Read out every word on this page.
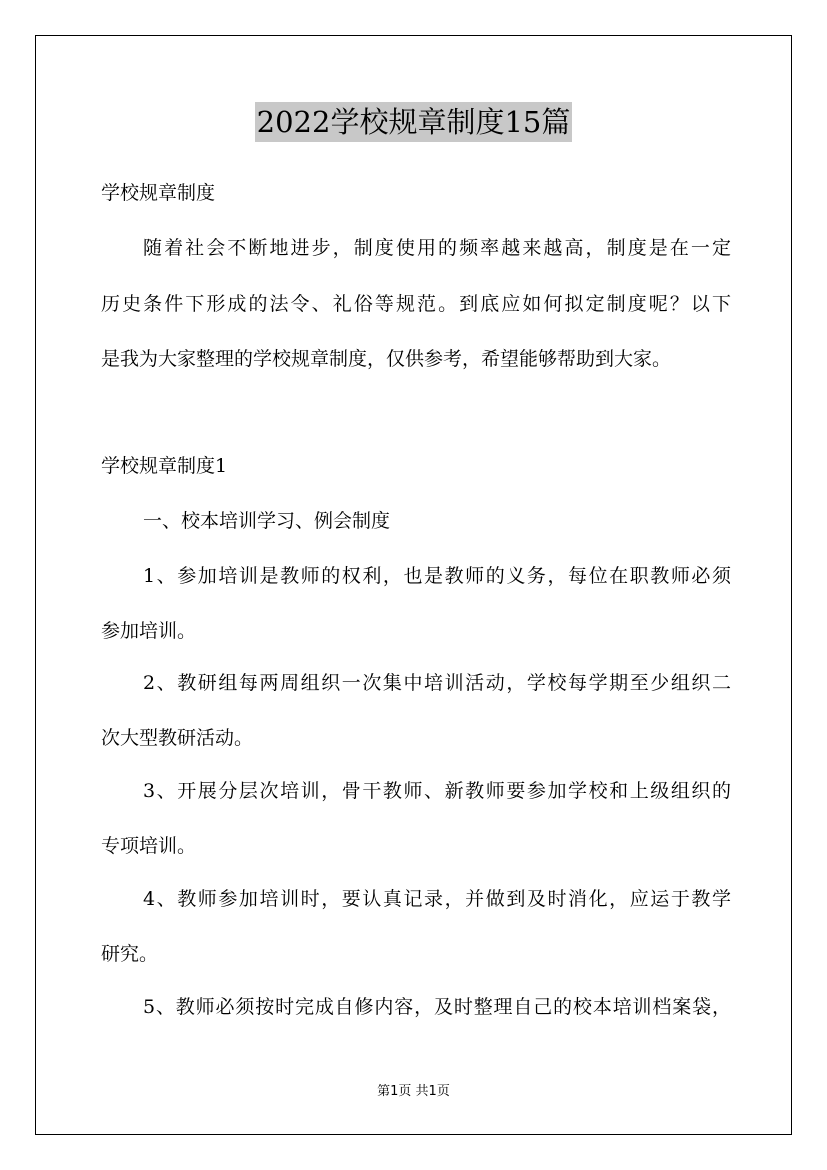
2022学校规章制度15篇
学校规章制度
随着社会不断地进步，制度使用的频率越来越高，制度是在一定
历史条件下形成的法令、礼俗等规范。到底应如何拟定制度呢？以下
是我为大家整理的学校规章制度，仅供参考，希望能够帮助到大家。
学校规章制度1
一、校本培训学习、例会制度
1、参加培训是教师的权利，也是教师的义务，每位在职教师必须
参加培训。
2、教研组每两周组织一次集中培训活动，学校每学期至少组织二
次大型教研活动。
3、开展分层次培训，骨干教师、新教师要参加学校和上级组织的
专项培训。
4、教师参加培训时，要认真记录，并做到及时消化，应运于教学
研究。
5、教师必须按时完成自修内容，及时整理自己的校本培训档案袋，
第1页 共1页
